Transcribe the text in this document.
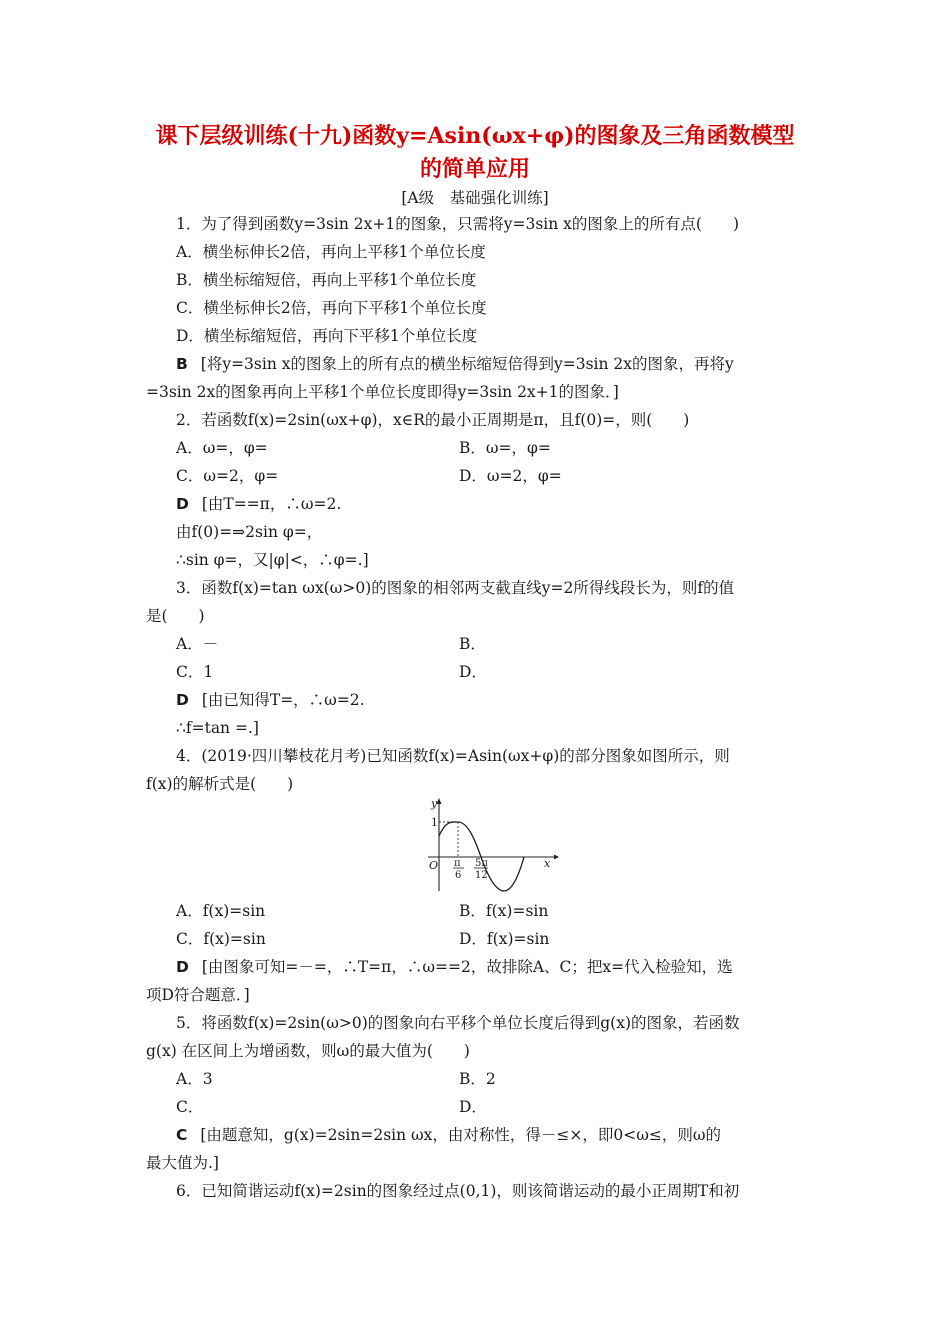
课下层级训练(十九)函数y=Asin(ωx+φ)的图象及三角函数模型
的简单应用
[A级　基础强化训练]
1．为了得到函数y=3sin 2x+1的图象，只需将y=3sin x的图象上的所有点(　　)
A．横坐标伸长2倍，再向上平移1个单位长度
B．横坐标缩短倍，再向上平移1个单位长度
C．横坐标伸长2倍，再向下平移1个单位长度
D．横坐标缩短倍，再向下平移1个单位长度
B [将y=3sin x的图象上的所有点的横坐标缩短倍得到y=3sin 2x的图象，再将y
=3sin 2x的图象再向上平移1个单位长度即得y=3sin 2x+1的图象．]
2．若函数f(x)=2sin(ωx+φ)，x∈R的最小正周期是π，且f(0)=，则(　　)
A．ω=，φ=	B．ω=，φ=
C．ω=2，φ=	D．ω=2，φ=
D [由T==π，∴ω=2.
由f(0)=⇒2sin φ=，
∴sin φ=，又|φ|<，∴φ=.]
3．函数f(x)=tan ωx(ω>0)的图象的相邻两支截直线y=2所得线段长为，则f的值
是(　　)
A．－	B．
C．1	D．
D [由已知得T=，∴ω=2.
∴f=tan =.]
4．(2019·四川攀枝花月考)已知函数f(x)=Asin(ωx+φ)的部分图象如图所示，则
f(x)的解析式是(　　)
y
x
O
1
π
6
5π
12
A．f(x)=sin	B．f(x)=sin
C．f(x)=sin	D．f(x)=sin
D [由图象可知=－=，∴T=π，∴ω==2，故排除A、C；把x=代入检验知，选
项D符合题意．]
5．将函数f(x)=2sin(ω>0)的图象向右平移个单位长度后得到g(x)的图象，若函数
g(x) 在区间上为增函数，则ω的最大值为(　　)
A．3	B．2
C．	D．
C [由题意知，g(x)=2sin=2sin ωx，由对称性，得－≤×，即0<ω≤，则ω的
最大值为.]
6．已知简谐运动f(x)=2sin的图象经过点(0,1)，则该简谐运动的最小正周期T和初
